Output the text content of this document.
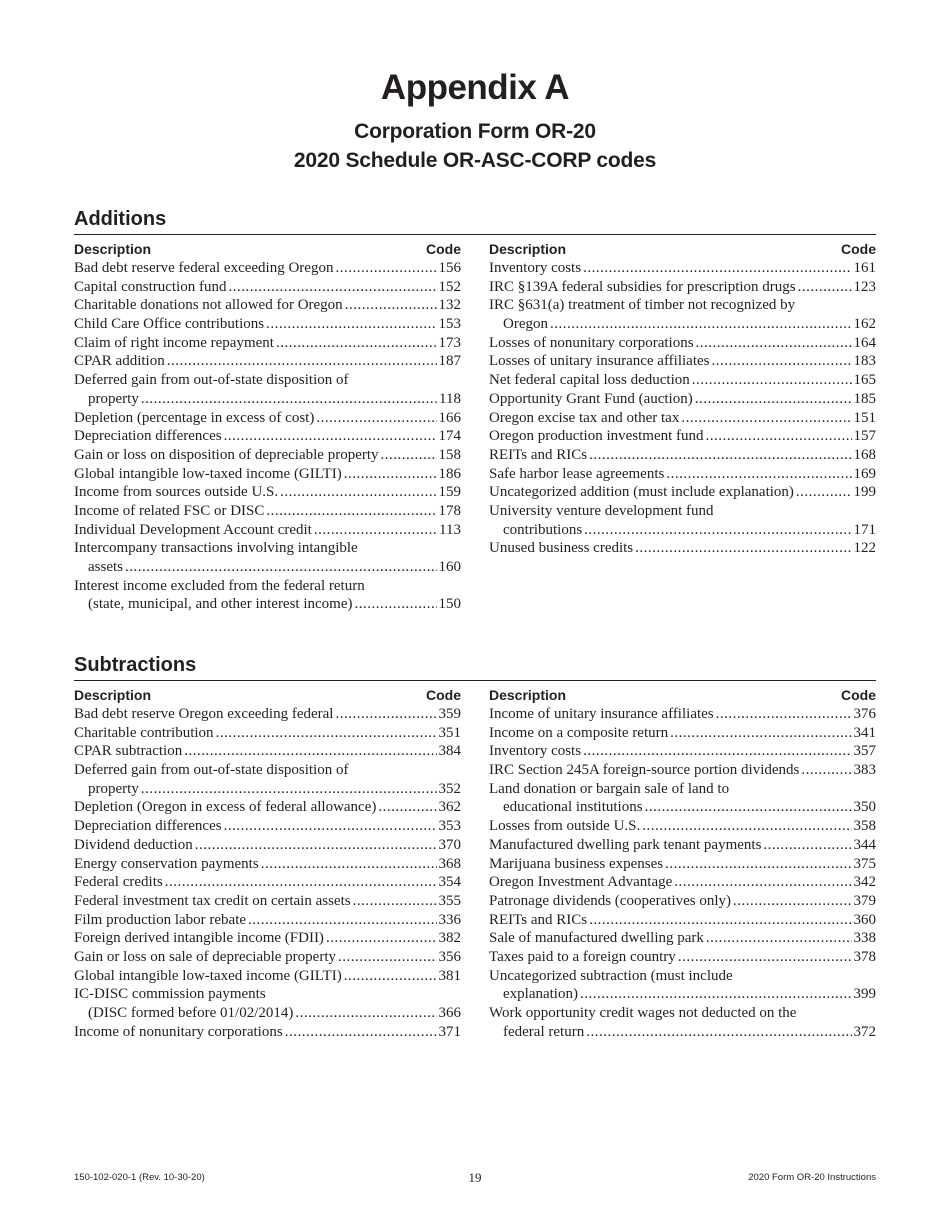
Appendix A
Corporation Form OR-20
2020 Schedule OR-ASC-CORP codes
Additions
Description	Code
Bad debt reserve federal exceeding Oregon .....	156
Capital construction fund .....	152
Charitable donations not allowed for Oregon .....	132
Child Care Office contributions .....	153
Claim of right income repayment .....	173
CPAR addition .....	187
Deferred gain from out-of-state disposition of
property .....	118
Depletion (percentage in excess of cost) .....	166
Depreciation differences .....	174
Gain or loss on disposition of depreciable property .....	158
Global intangible low-taxed income (GILTI) .....	186
Income from sources outside U.S. .....	159
Income of related FSC or DISC .....	178
Individual Development Account credit .....	113
Intercompany transactions involving intangible
assets .....	160
Interest income excluded from the federal return
(state, municipal, and other interest income) .....	150
Description	Code
Inventory costs .....	161
IRC §139A federal subsidies for prescription drugs .....	123
IRC §631(a) treatment of timber not recognized by
Oregon .....	162
Losses of nonunitary corporations .....	164
Losses of unitary insurance affiliates .....	183
Net federal capital loss deduction .....	165
Opportunity Grant Fund (auction) .....	185
Oregon excise tax and other tax .....	151
Oregon production investment fund .....	157
REITs and RICs .....	168
Safe harbor lease agreements .....	169
Uncategorized addition (must include explanation) .....	199
University venture development fund
contributions .....	171
Unused business credits .....	122
Subtractions
Description	Code
Bad debt reserve Oregon exceeding federal .....	359
Charitable contribution .....	351
CPAR subtraction .....	384
Deferred gain from out-of-state disposition of
property .....	352
Depletion (Oregon in excess of federal allowance) .....	362
Depreciation differences .....	353
Dividend deduction .....	370
Energy conservation payments .....	368
Federal credits .....	354
Federal investment tax credit on certain assets .....	355
Film production labor rebate .....	336
Foreign derived intangible income (FDII) .....	382
Gain or loss on sale of depreciable property .....	356
Global intangible low-taxed income (GILTI) .....	381
IC-DISC commission payments
(DISC formed before 01/02/2014) .....	366
Income of nonunitary corporations .....	371
Description	Code
Income of unitary insurance affiliates .....	376
Income on a composite return .....	341
Inventory costs .....	357
IRC Section 245A foreign-source portion dividends .....	383
Land donation or bargain sale of land to
educational institutions .....	350
Losses from outside U.S. .....	358
Manufactured dwelling park tenant payments .....	344
Marijuana business expenses .....	375
Oregon Investment Advantage .....	342
Patronage dividends (cooperatives only) .....	379
REITs and RICs .....	360
Sale of manufactured dwelling park .....	338
Taxes paid to a foreign country .....	378
Uncategorized subtraction (must include
explanation) .....	399
Work opportunity credit wages not deducted on the
federal return .....	372
150-102-020-1 (Rev. 10-30-20)	19	2020 Form OR-20 Instructions
